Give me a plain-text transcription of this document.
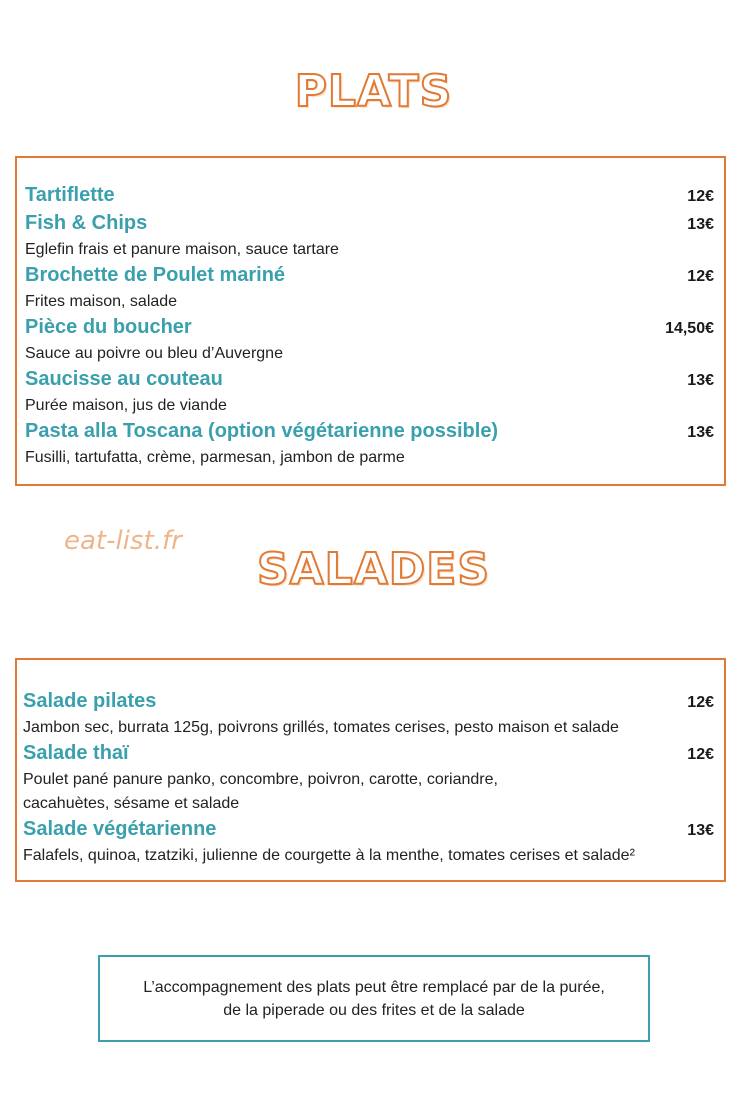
PLATS
Tartiflette	12€
Fish & Chips	13€
Eglefin frais et panure maison, sauce tartare
Brochette de Poulet mariné	12€
Frites maison, salade
Pièce du boucher	14,50€
Sauce au poivre ou bleu d’Auvergne
Saucisse au couteau	13€
Purée maison, jus de viande
Pasta alla Toscana (option végétarienne possible)	13€
Fusilli, tartufatta, crème, parmesan, jambon de parme
eat-list.fr
SALADES
Salade pilates	12€
Jambon sec, burrata 125g, poivrons grillés, tomates cerises, pesto maison et salade
Salade thaï	12€
Poulet pané panure panko, concombre, poivron, carotte, coriandre,
cacahuètes, sésame et salade
Salade végétarienne	13€
Falafels, quinoa, tzatziki, julienne de courgette à la menthe, tomates cerises et salade²
L’accompagnement des plats peut être remplacé par de la purée,
de la piperade ou des frites et de la salade
